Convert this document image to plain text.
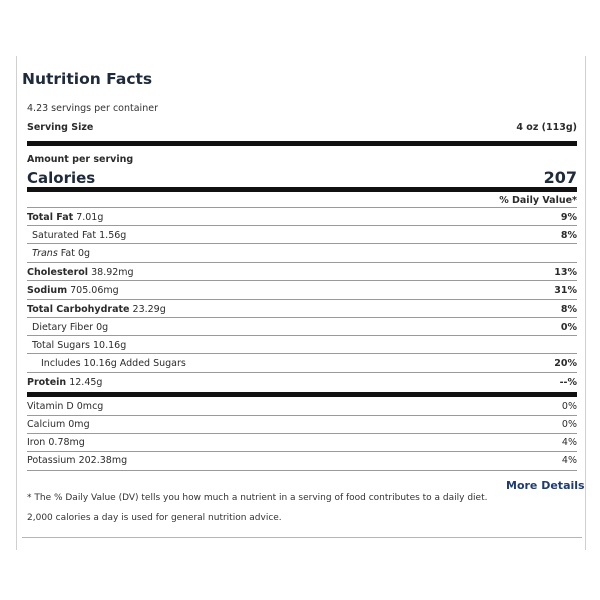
Nutrition Facts
4.23 servings per container
Serving Size	4 oz (113g)
Amount per serving
Calories	207
% Daily Value*
Total Fat 7.01g	9%
Saturated Fat 1.56g	8%
Trans Fat 0g
Cholesterol 38.92mg	13%
Sodium 705.06mg	31%
Total Carbohydrate 23.29g	8%
Dietary Fiber 0g	0%
Total Sugars 10.16g
Includes 10.16g Added Sugars	20%
Protein 12.45g	--%
Vitamin D 0mcg	0%
Calcium 0mg	0%
Iron 0.78mg	4%
Potassium 202.38mg	4%
More Details
* The % Daily Value (DV) tells you how much a nutrient in a serving of food contributes to a daily diet. 2,000 calories a day is used for general nutrition advice.
